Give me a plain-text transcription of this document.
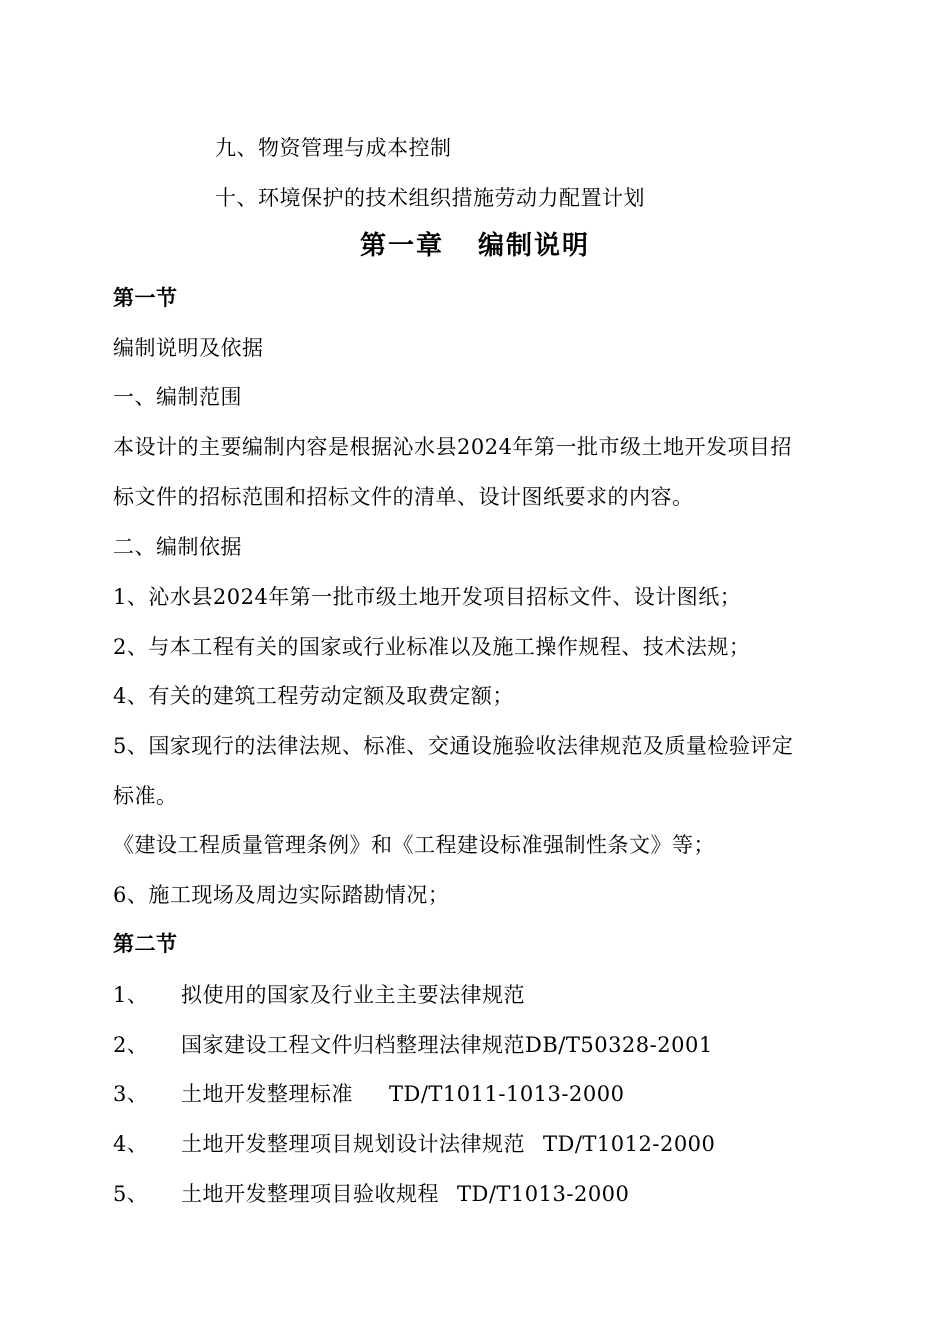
九、物资管理与成本控制
十、环境保护的技术组织措施劳动力配置计划
第一章 编制说明
第一节
编制说明及依据
一、编制范围
本设计的主要编制内容是根据沁水县2024年第一批市级土地开发项目招
标文件的招标范围和招标文件的清单、设计图纸要求的内容。
二、编制依据
1、沁水县2024年第一批市级土地开发项目招标文件、设计图纸；
2、与本工程有关的国家或行业标准以及施工操作规程、技术法规；
4、有关的建筑工程劳动定额及取费定额；
5、国家现行的法律法规、标准、交通设施验收法律规范及质量检验评定
标准。
《建设工程质量管理条例》和《工程建设标准强制性条文》等；
6、施工现场及周边实际踏勘情况；
第二节
1、 拟使用的国家及行业主主要法律规范
2、 国家建设工程文件归档整理法律规范DB/T50328-2001
3、 土地开发整理标准 TD/T1011-1013-2000
4、 土地开发整理项目规划设计法律规范 TD/T1012-2000
5、 土地开发整理项目验收规程 TD/T1013-2000
